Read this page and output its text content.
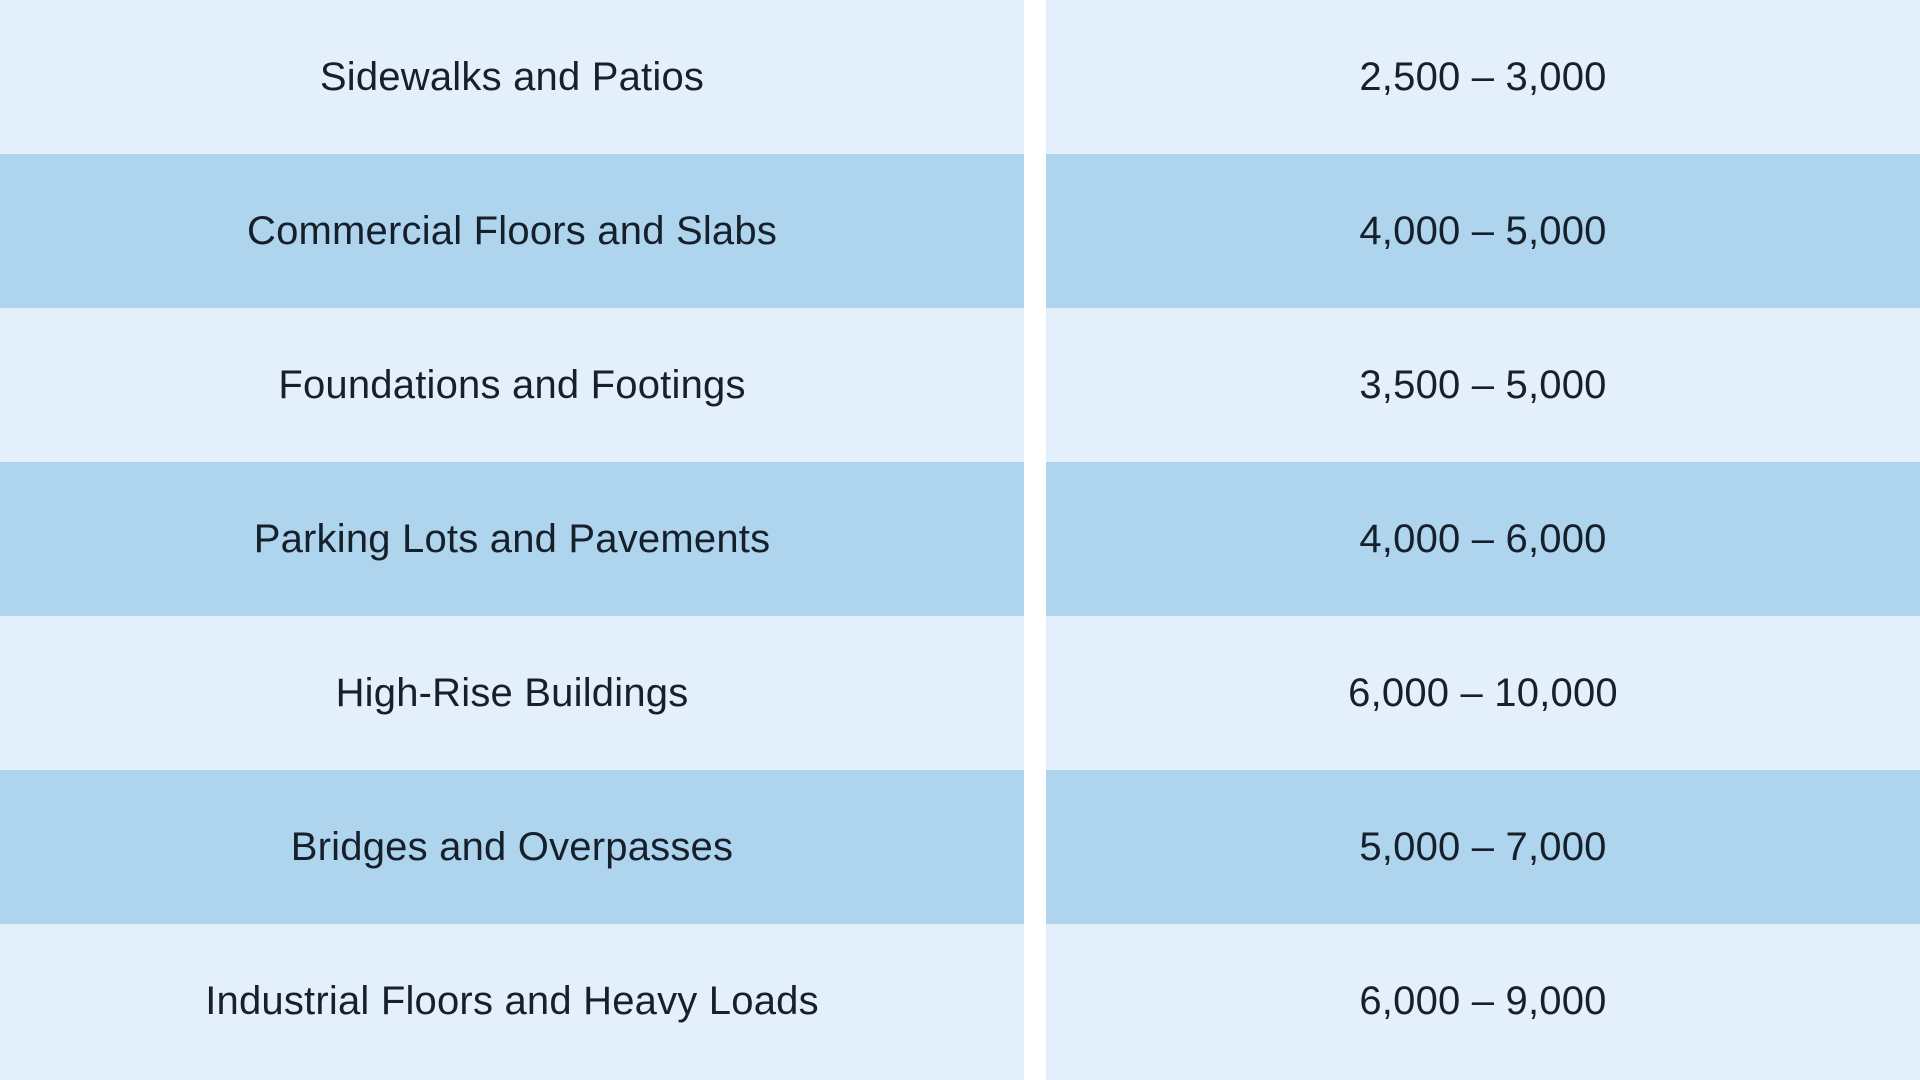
Sidewalks and Patios		2,500 – 3,000

Commercial Floors and Slabs		4,000 – 5,000

Foundations and Footings		3,500 – 5,000

Parking Lots and Pavements		4,000 – 6,000

High-Rise Buildings		6,000 – 10,000

Bridges and Overpasses		5,000 – 7,000

Industrial Floors and Heavy Loads		6,000 – 9,000
